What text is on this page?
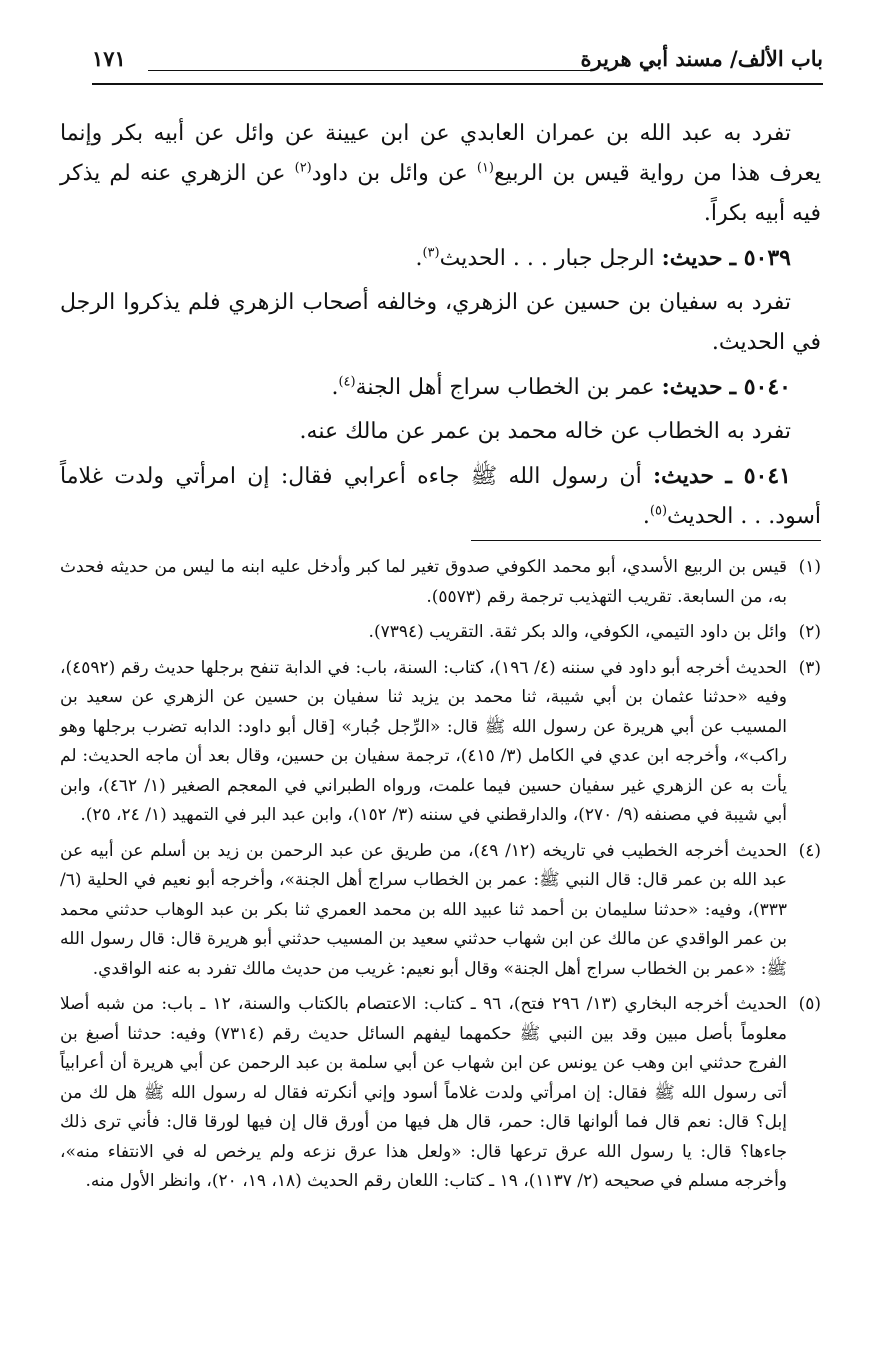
باب الألف/ مسند أبي هريرة
١٧١

تفرد به عبد الله بن عمران العابدي عن ابن عيينة عن وائل عن أبيه بكر وإنما يعرف هذا من رواية قيس بن الربيع$^{(١)}$ عن وائل بن داود$^{(٢)}$ عن الزهري عنه لم يذكر فيه أبيه بكراً.

٥٠٣٩ ـ حديث: الرجل جبار . . . الحديث$^{(٣)}$.

تفرد به سفيان بن حسين عن الزهري، وخالفه أصحاب الزهري فلم يذكروا الرجل في الحديث.

٥٠٤٠ ـ حديث: عمر بن الخطاب سراج أهل الجنة$^{(٤)}$.

تفرد به الخطاب عن خاله محمد بن عمر عن مالك عنه.

٥٠٤١ ـ حديث: أن رسول الله ﷺ جاءه أعرابي فقال: إن امرأتي ولدت غلاماً أسود. . . الحديث$^{(٥)}$.

(١)
قيس بن الربيع الأسدي، أبو محمد الكوفي صدوق تغير لما كبر وأدخل عليه ابنه ما ليس من حديثه فحدث به، من السابعة. تقريب التهذيب ترجمة رقم (٥٥٧٣).
(٢)
وائل بن داود التيمي، الكوفي، والد بكر ثقة. التقريب (٧٣٩٤).
(٣)
الحديث أخرجه أبو داود في سننه (٤/ ١٩٦)، كتاب: السنة، باب: في الدابة تنفح برجلها حديث رقم (٤٥٩٢)، وفيه «حدثنا عثمان بن أبي شيبة، ثنا محمد بن يزيد ثنا سفيان بن حسين عن الزهري عن سعيد بن المسيب عن أبي هريرة عن رسول الله ﷺ قال: «الرِّجل جُبار» [قال أبو داود: الدابه تضرب برجلها وهو راكب»، وأخرجه ابن عدي في الكامل (٣/ ٤١٥)، ترجمة سفيان بن حسين، وقال بعد أن ماجه الحديث: لم يأت به عن الزهري غير سفيان حسين فيما علمت، ورواه الطبراني في المعجم الصغير (١/ ٤٦٢)، وابن أبي شيبة في مصنفه (٩/ ٢٧٠)، والدارقطني في سننه (٣/ ١٥٢)، وابن عبد البر في التمهيد (١/ ٢٤، ٢٥).
(٤)
الحديث أخرجه الخطيب في تاريخه (١٢/ ٤٩)، من طريق عن عبد الرحمن بن زيد بن أسلم عن أبيه عن عبد الله بن عمر قال: قال النبي ﷺ: عمر بن الخطاب سراج أهل الجنة»، وأخرجه أبو نعيم في الحلية (٦/ ٣٣٣)، وفيه: «حدثنا سليمان بن أحمد ثنا عبيد الله بن محمد العمري ثنا بكر بن عبد الوهاب حدثني محمد بن عمر الواقدي عن مالك عن ابن شهاب حدثني سعيد بن المسيب حدثني أبو هريرة قال: قال رسول الله ﷺ: «عمر بن الخطاب سراج أهل الجنة» وقال أبو نعيم: غريب من حديث مالك تفرد به عنه الواقدي.
(٥)
الحديث أخرجه البخاري (١٣/ ٢٩٦ فتح)، ٩٦ ـ كتاب: الاعتصام بالكتاب والسنة، ١٢ ـ باب: من شبه أصلا معلوماً بأصل مبين وقد بين النبي ﷺ حكمهما ليفهم السائل حديث رقم (٧٣١٤) وفيه: حدثنا أصبغ بن الفرج حدثني ابن وهب عن يونس عن ابن شهاب عن أبي سلمة بن عبد الرحمن عن أبي هريرة أن أعرابياً أتى رسول الله ﷺ فقال: إن امرأتي ولدت غلاماً أسود وإني أنكرته فقال له رسول الله ﷺ هل لك من إبل؟ قال: نعم قال فما ألوانها قال: حمر، قال هل فيها من أورق قال إن فيها لورقا قال: فأني ترى ذلك جاءها؟ قال: يا رسول الله عرق ترعها قال: «ولعل هذا عرق نزعه ولم يرخص له في الانتفاء منه»، وأخرجه مسلم في صحيحه (٢/ ١١٣٧)، ١٩ ـ كتاب: اللعان رقم الحديث (١٨، ١٩، ٢٠)، وانظر الأول منه.
